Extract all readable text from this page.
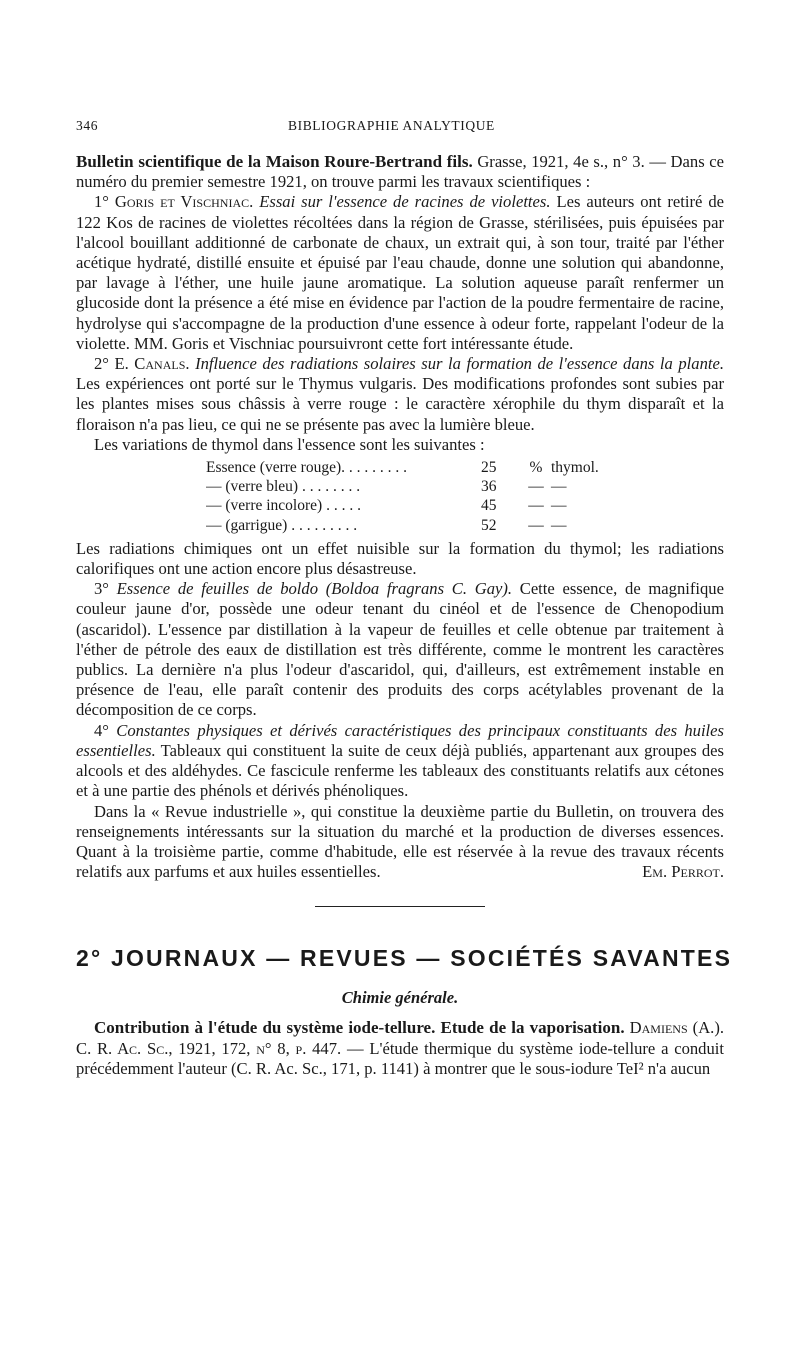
346	BIBLIOGRAPHIE ANALYTIQUE

Bulletin scientifique de la Maison Roure-Bertrand fils. Grasse, 1921, 4e s., n° 3. — Dans ce numéro du premier semestre 1921, on trouve parmi les travaux scientifiques :

1° Goris et Vischniac. Essai sur l'essence de racines de violettes. Les auteurs ont retiré de 122 Kos de racines de violettes récoltées dans la région de Grasse, stérilisées, puis épuisées par l'alcool bouillant additionné de carbonate de chaux, un extrait qui, à son tour, traité par l'éther acétique hydraté, distillé ensuite et épuisé par l'eau chaude, donne une solution qui abandonne, par lavage à l'éther, une huile jaune aromatique. La solution aqueuse paraît renfermer un glucoside dont la présence a été mise en évidence par l'action de la poudre fermentaire de racine, hydrolyse qui s'accompagne de la production d'une essence à odeur forte, rappelant l'odeur de la violette. MM. Goris et Vischniac poursuivront cette fort intéressante étude.

2° E. Canals. Influence des radiations solaires sur la formation de l'essence dans la plante. Les expériences ont porté sur le Thymus vulgaris. Des modifications profondes sont subies par les plantes mises sous châssis à verre rouge : le caractère xérophile du thym disparaît et la floraison n'a pas lieu, ce qui ne se présente pas avec la lumière bleue.

Les variations de thymol dans l'essence sont les suivantes :

Essence (verre rouge). . . . . . . . .	25	% thymol.
— (verre bleu) . . . . . . . .	36	— —
— (verre incolore) . . . . .	45	— —
— (garrigue) . . . . . . . . .	52	— —

Les radiations chimiques ont un effet nuisible sur la formation du thymol; les radiations calorifiques ont une action encore plus désastreuse.

3° Essence de feuilles de boldo (Boldoa fragrans C. Gay). Cette essence, de magnifique couleur jaune d'or, possède une odeur tenant du cinéol et de l'essence de Chenopodium (ascaridol). L'essence par distillation à la vapeur de feuilles et celle obtenue par traitement à l'éther de pétrole des eaux de distillation est très différente, comme le montrent les caractères publics. La dernière n'a plus l'odeur d'ascaridol, qui, d'ailleurs, est extrêmement instable en présence de l'eau, elle paraît contenir des produits des corps acétylables provenant de la décomposition de ce corps.

4° Constantes physiques et dérivés caractéristiques des principaux constituants des huiles essentielles. Tableaux qui constituent la suite de ceux déjà publiés, appartenant aux groupes des alcools et des aldéhydes. Ce fascicule renferme les tableaux des constituants relatifs aux cétones et à une partie des phénols et dérivés phénoliques.

Dans la « Revue industrielle », qui constitue la deuxième partie du Bulletin, on trouvera des renseignements intéressants sur la situation du marché et la production de diverses essences. Quant à la troisième partie, comme d'habitude, elle est réservée à la revue des travaux récents relatifs aux parfums et aux huiles essentielles.	Em. Perrot.

2° JOURNAUX — REVUES — SOCIÉTÉS SAVANTES
Chimie générale.

Contribution à l'étude du système iode-tellure. Etude de la vaporisation. Damiens (A.). C. R. Ac. Sc., 1921, 172, n° 8, p. 447. — L'étude thermique du système iode-tellure a conduit précédemment l'auteur (C. R. Ac. Sc., 171, p. 1141) à montrer que le sous-iodure TeI² n'a aucun
